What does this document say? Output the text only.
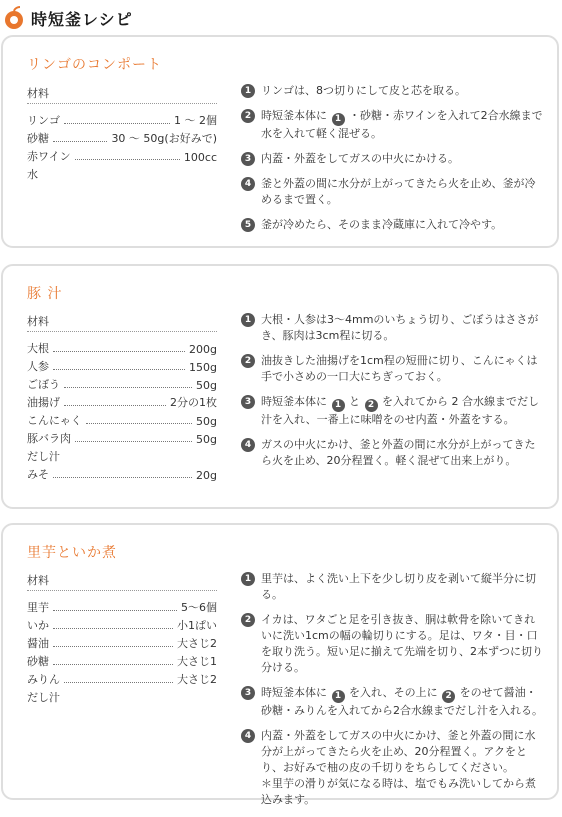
時短釜レシピ
リンゴのコンポート
材料
リンゴ	1 ～ 2個
砂糖	30 ～ 50g(お好みで)
赤ワイン	100cc
水
1 リンゴは、8つ切りにして皮と芯を取る。
2 時短釜本体に 1 ・砂糖・赤ワインを入れて2合水線まで水を入れて軽く混ぜる。
3 内蓋・外蓋をしてガスの中火にかける。
4 釜と外蓋の間に水分が上がってきたら火を止め、釜が冷めるまで置く。
5 釜が冷めたら、そのまま冷蔵庫に入れて冷やす。
豚 汁
材料
大根	200g
人参	150g
ごぼう	50g
油揚げ	2分の1枚
こんにゃく	50g
豚バラ肉	50g
だし汁
みそ	20g
1 大根・人参は3～4mmのいちょう切り、ごぼうはささがき、豚肉は3cm程に切る。
2 油抜きした油揚げを1cm程の短冊に切り、こんにゃくは手で小さめの一口大にちぎっておく。
3 時短釜本体に 1 と 2 を入れてから 2 合水線までだし汁を入れ、一番上に味噌をのせ内蓋・外蓋をする。
4 ガスの中火にかけ、釜と外蓋の間に水分が上がってきたら火を止め、20分程置く。軽く混ぜて出来上がり。
里芋といか煮
材料
里芋	5～6個
いか	小1ぱい
醤油	大さじ2
砂糖	大さじ1
みりん	大さじ2
だし汁
1 里芋は、よく洗い上下を少し切り皮を剥いて縦半分に切る。
2 イカは、ワタごと足を引き抜き、胴は軟骨を除いてきれいに洗い1cmの幅の輪切りにする。足は、ワタ・目・口を取り洗う。短い足に揃えて先端を切り、2本ずつに切り分ける。
3 時短釜本体に 1 を入れ、その上に 2 をのせて醤油・砂糖・みりんを入れてから2合水線までだし汁を入れる。
4 内蓋・外蓋をしてガスの中火にかけ、釜と外蓋の間に水分が上がってきたら火を止め、20分程置く。アクをとり、お好みで柚の皮の千切りをちらしてください。
＊里芋の滑りが気になる時は、塩でもみ洗いしてから煮込みます。
